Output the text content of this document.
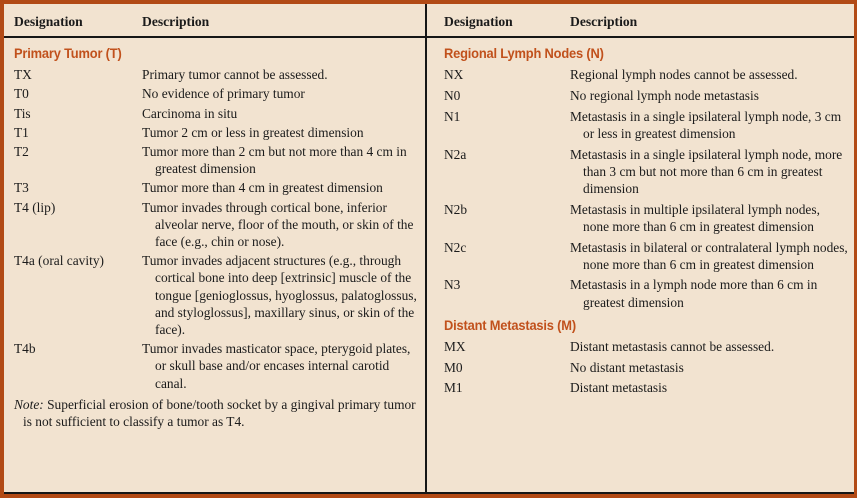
Designation	Description
Primary Tumor (T)
TX	Primary tumor cannot be assessed.

T0	No evidence of primary tumor

Tis	Carcinoma in situ

T1	Tumor 2 cm or less in greatest dimension

T2	Tumor more than 2 cm but not more than 4 cm in greatest dimension

T3	Tumor more than 4 cm in greatest dimension

T4 (lip)	Tumor invades through cortical bone, inferior alveolar nerve, floor of the mouth, or skin of the face (e.g., chin or nose).

T4a (oral cavity)	Tumor invades adjacent structures (e.g., through cortical bone into deep [extrinsic] muscle of the tongue [genioglossus, hyoglossus, palatoglossus, and styloglossus], maxillary sinus, or skin of the face).

T4b	Tumor invades masticator space, pterygoid plates, or skull base and/or encases internal carotid canal.

Note: Superficial erosion of bone/tooth socket by a gingival primary tumor is not sufficient to classify a tumor as T4.

Designation	Description
Regional Lymph Nodes (N)
NX	Regional lymph nodes cannot be assessed.

N0	No regional lymph node metastasis

N1	Metastasis in a single ipsilateral lymph node, 3 cm or less in greatest dimension

N2a	Metastasis in a single ipsilateral lymph node, more than 3 cm but not more than 6 cm in greatest dimension

N2b	Metastasis in multiple ipsilateral lymph nodes, none more than 6 cm in greatest dimension

N2c	Metastasis in bilateral or contralateral lymph nodes, none more than 6 cm in greatest dimension

N3	Metastasis in a lymph node more than 6 cm in greatest dimension

Distant Metastasis (M)
MX	Distant metastasis cannot be assessed.

M0	No distant metastasis

M1	Distant metastasis
